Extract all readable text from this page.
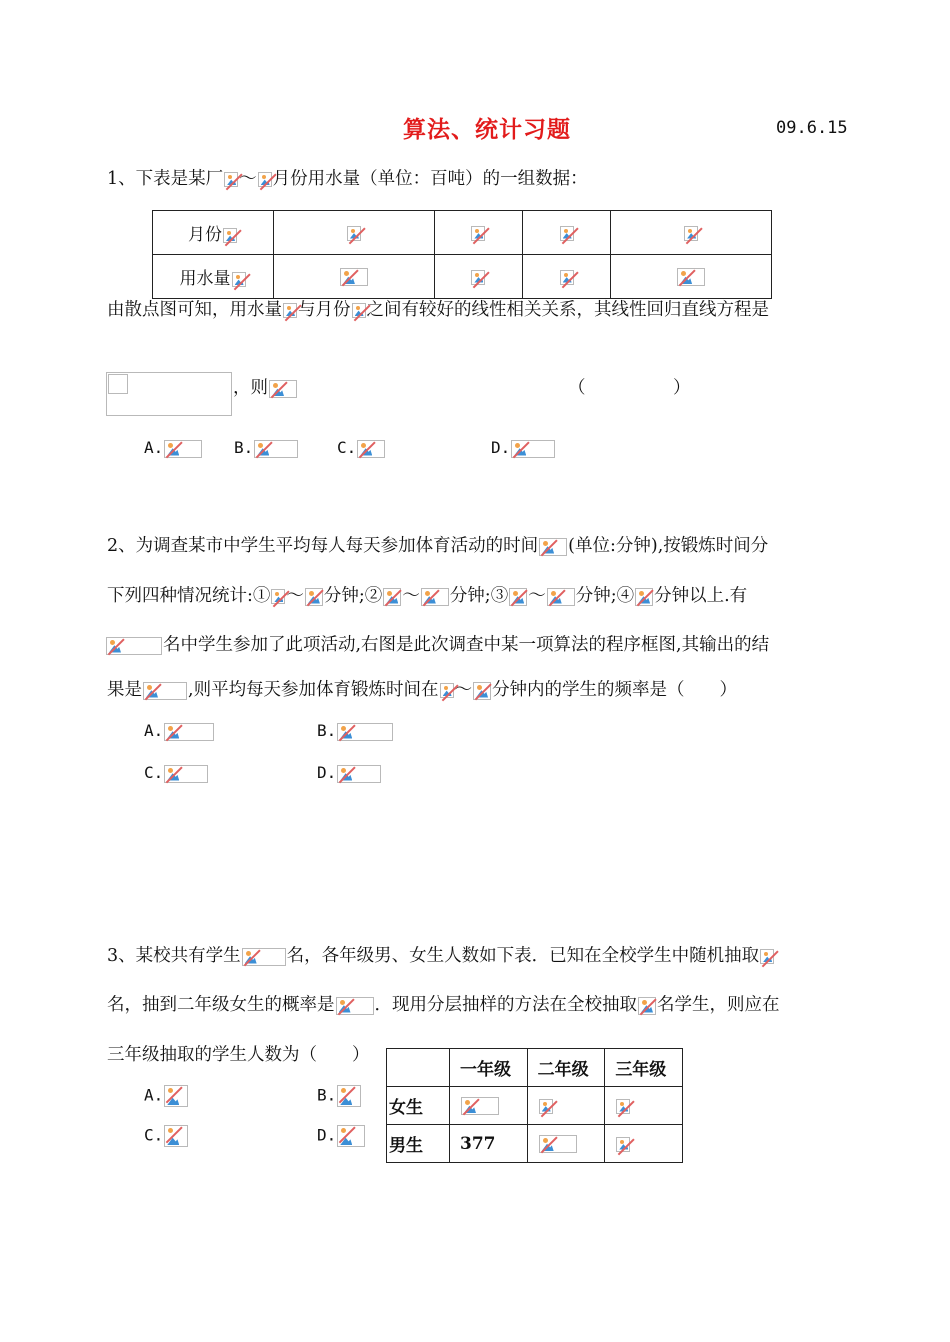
算法、统计习题	09.6.15
1、下表是某厂 ～ 月份用水量（单位：百吨）的一组数据：
月份

用水量

由散点图可知，用水量 与月份 之间有较好的线性相关关系，其线性回归直线方程是
，则	（　　　　　）
A.	B.	C.	D.
2、为调查某市中学生平均每人每天参加体育活动的时间 (单位:分钟),按锻炼时间分
下列四种情况统计:① ～ 分钟;② ～ 分钟;③ ～ 分钟;④ 分钟以上.有
名中学生参加了此项活动,右图是此次调查中某一项算法的程序框图,其输出的结
果是	,则平均每天参加体育锻炼时间在 ～ 分钟内的学生的频率是（　　）
A.	B.
C.	D.
3、某校共有学生	名，各年级男、女生人数如下表．已知在全校学生中随机抽取
名，抽到二年级女生的概率是 ．现用分层抽样的方法在全校抽取 名学生，则应在
三年级抽取的学生人数为（　　）
A.	B.
C.	D.
	一年级	二年级	三年级
女生	

男生	377	
